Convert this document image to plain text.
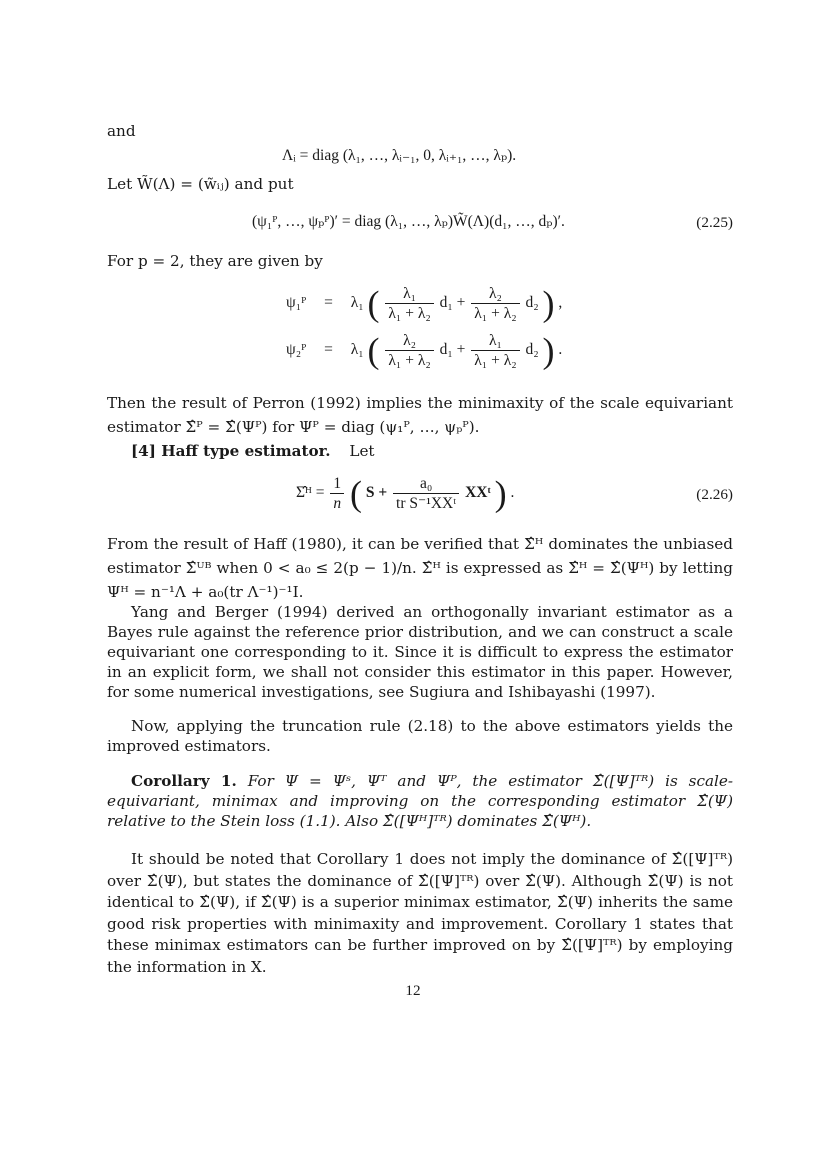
and
Λᵢ = diag (λ₁, …, λᵢ₋₁, 0, λᵢ₊₁, …, λₚ).
Let W̃(Λ) = (w̃ᵢⱼ) and put
(ψ₁ᴾ, …, ψₚᴾ)′ = diag (λ₁, …, λₚ)W̃(Λ)(d₁, …, dₚ)′.	(2.25)
For p = 2, they are given by
ψ₁ᴾ = λ₁ ( $\frac{\text{λ₁}}{\text{λ₁ + λ₂}} d_1 + \frac{\text{λ₂}}{\text{λ₁ + λ₂}} d_2$ ) ,
ψ₂ᴾ = λ₁ ( $\frac{\text{λ₂}}{\text{λ₁ + λ₂}} d_1 + \frac{\text{λ₁}}{\text{λ₁ + λ₂}} d_2$ ) .
Then the result of Perron (1992) implies the minimaxity of the scale equivariant estimator Σ̂ᴾ = Σ̂(Ψᴾ) for Ψᴾ = diag (ψ₁ᴾ, …, ψₚᴾ).
[4] Haff type estimator. Let
Σ̂ᴴ = $\frac{1}{n}$ ( $S + \frac{\text{a₀}}{\text{tr S⁻¹XXᵗ}}$ XXᵗ ) .	(2.26)
From the result of Haff (1980), it can be verified that Σ̂ᴴ dominates the unbiased estimator Σ̂ᵁᴮ when 0 < a₀ ≤ 2(p − 1)/n. Σ̂ᴴ is expressed as Σ̂ᴴ = Σ̂(Ψᴴ) by letting Ψᴴ = n⁻¹Λ + a₀(tr Λ⁻¹)⁻¹I.
Yang and Berger (1994) derived an orthogonally invariant estimator as a Bayes rule against the reference prior distribution, and we can construct a scale equivariant one corresponding to it. Since it is difficult to express the estimator in an explicit form, we shall not consider this estimator in this paper. However, for some numerical investigations, see Sugiura and Ishibayashi (1997).
Now, applying the truncation rule (2.18) to the above estimators yields the improved estimators.
Corollary 1. For Ψ = Ψˢ, Ψᵀ and Ψᴾ, the estimator Σ̂([Ψ]ᵀᴿ) is scale-equivariant, minimax and improving on the corresponding estimator Σ̂(Ψ) relative to the Stein loss (1.1). Also Σ̂([Ψᴴ]ᵀᴿ) dominates Σ̂(Ψᴴ).
It should be noted that Corollary 1 does not imply the dominance of Σ̂([Ψ]ᵀᴿ) over Σ̂(Ψ), but states the dominance of Σ̂([Ψ]ᵀᴿ) over Σ̂(Ψ). Although Σ̂(Ψ) is not identical to Σ̂(Ψ), if Σ̂(Ψ) is a superior minimax estimator, Σ̂(Ψ) inherits the same good risk properties with minimaxity and improvement. Corollary 1 states that these minimax estimators can be further improved on by Σ̂([Ψ]ᵀᴿ) by employing the information in X.
12
